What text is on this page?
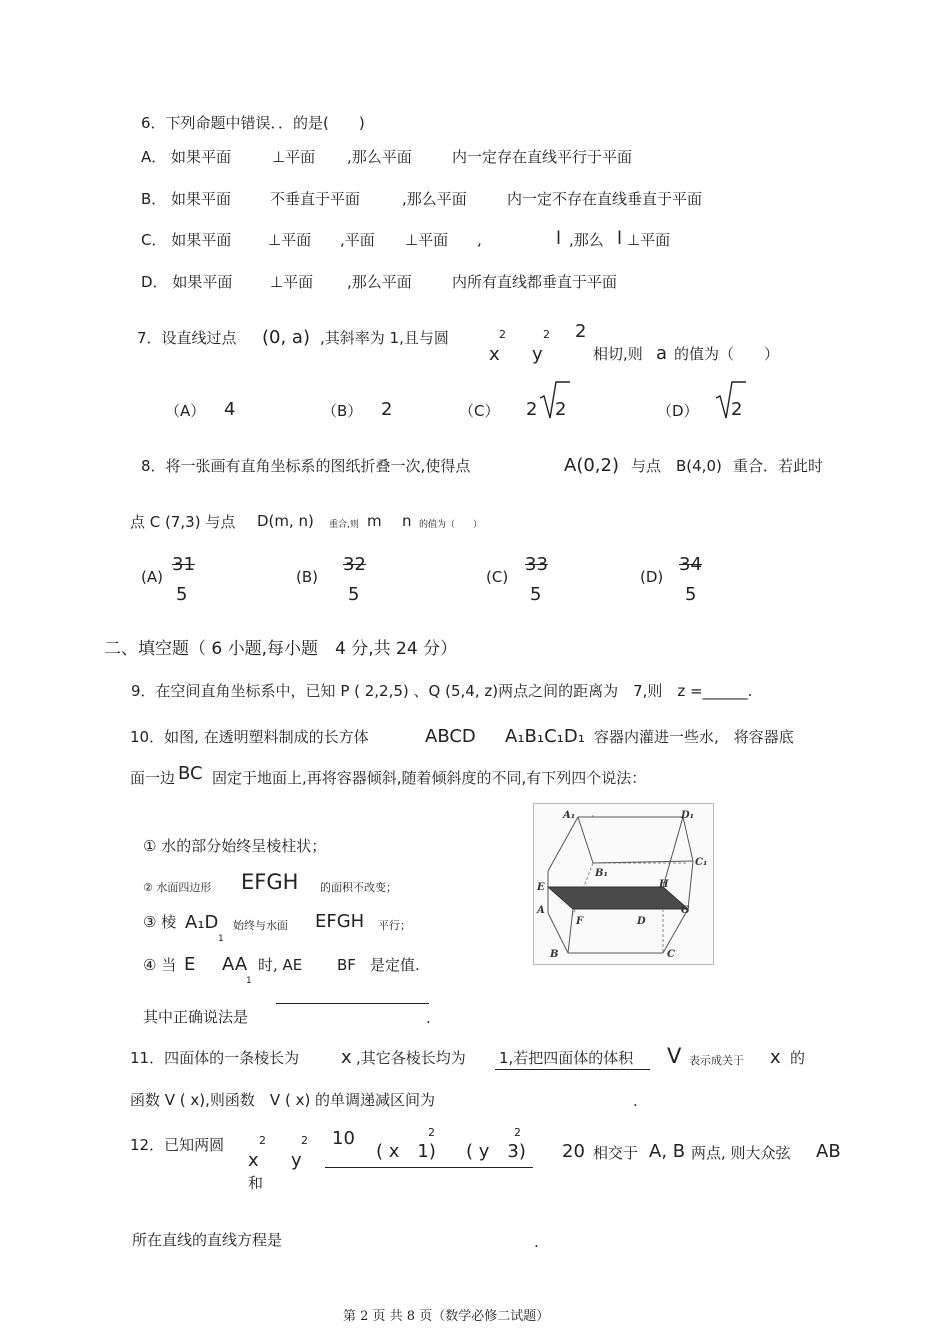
6．下列命题中错误．．的是(　　)
A． 如果平面	⊥平面 ,那么平面	内一定存在直线平行于平面
B． 如果平面	不垂直于平面	,那么平面	内一定不存在直线垂直于平面
C． 如果平面 ⊥平面 ,平面 ⊥平面 ,	l ,那么 l ⊥平面
D． 如果平面	⊥平面 ,那么平面	内所有直线都垂直于平面
7．设直线过点 (0, a) ,其斜率为 1,且与圆	2
x
2
y
2
相切,则 a 的值为（　　）
（A） 4	（B） 2	（C） 2 2	（D） 2
8．将一张画有直角坐标系的图纸折叠一次,使得点	A(0,2) 与点 B(4,0) 重合．若此时
点 C (7,3) 与点 D(m, n) 重合,则 m n 的值为（　　）
(A)
31
5
(B)
32
5
(C)
33
5
(D)
34
5
二、填空题（ 6 小题,每小题　4 分,共 24 分）
9．在空间直角坐标系中，已知 P ( 2,2,5) 、Q (5,4, z)两点之间的距离为　7,则　z =______.
10．如图, 在透明塑料制成的长方体	ABCD A₁B₁C₁D₁ 容器内灌进一些水,　将容器底
面一边 BC 固定于地面上,再将容器倾斜,随着倾斜度的不同,有下列四个说法：
① 水的部分始终呈棱柱状；
② 水面四边形 EFGH 的面积不改变；
③ 棱 A₁D
1
始终与水面 EFGH 平行；
④ 当 E AA
1
时, AE BF 是定值.
其中正确说法是	.
A₁	D₁
C₁
B₁
E	H
A	G
F	D
B	C
11．四面体的一条棱长为 x ,其它各棱长均为 1,若把四面体的体积 V 表示成关于 x 的
函数 V ( x),则函数　V ( x) 的单调递减区间为	.
12．已知两圆	2
x
和
2
y
10	2
( x　1)
2
( y　3) 20 相交于 A, B 两点, 则大众弦 AB
所在直线的直线方程是	.
第 2 页 共 8 页（数学必修二试题）
